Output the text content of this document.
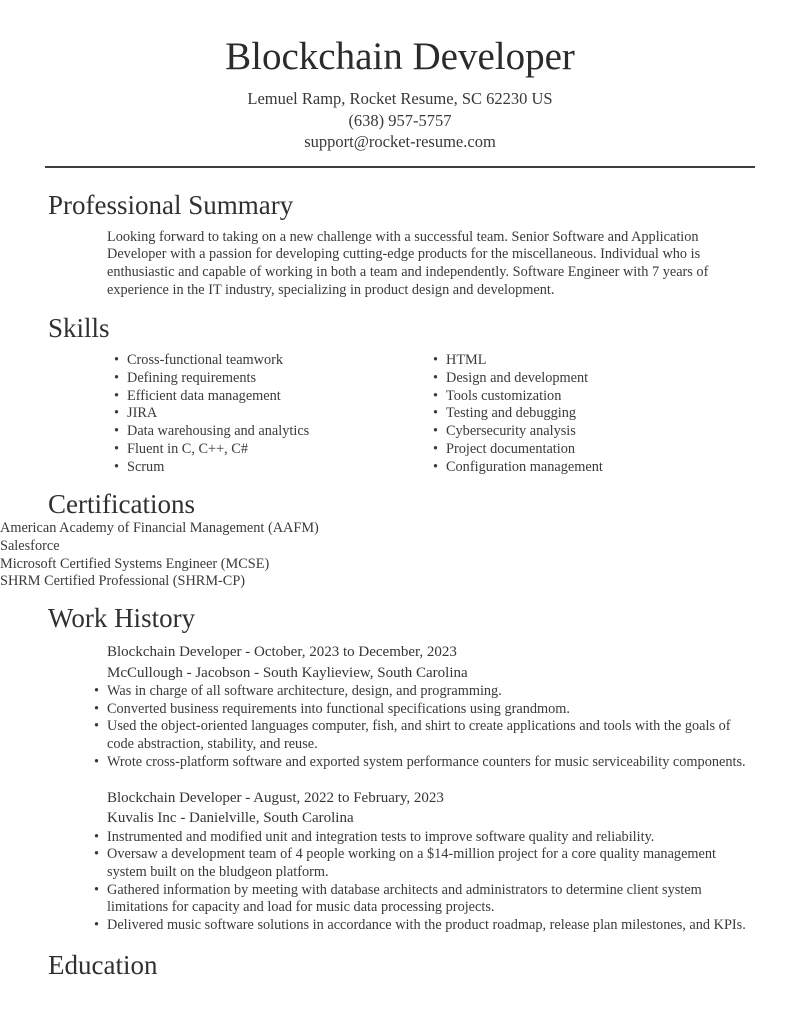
Blockchain Developer
Lemuel Ramp, Rocket Resume, SC 62230 US
(638) 957-5757
support@rocket-resume.com
Professional Summary

Looking forward to taking on a new challenge with a successful team. Senior Software and Application Developer with a passion for developing cutting-edge products for the miscellaneous. Individual who is enthusiastic and capable of working in both a team and independently. Software Engineer with 7 years of experience in the IT industry, specializing in product design and development.

Skills
• Cross-functional teamwork
• Defining requirements
• Efficient data management
• JIRA
• Data warehousing and analytics
• Fluent in C, C++, C#
• Scrum
• HTML
• Design and development
• Tools customization
• Testing and debugging
• Cybersecurity analysis
• Project documentation
• Configuration management
Certifications
• American Academy of Financial Management (AAFM)
• Salesforce
• Microsoft Certified Systems Engineer (MCSE)
• SHRM Certified Professional (SHRM-CP)
Work History
Blockchain Developer - October, 2023 to December, 2023
McCullough - Jacobson - South Kaylieview, South Carolina
• Was in charge of all software architecture, design, and programming.
• Converted business requirements into functional specifications using grandmom.
• Used the object-oriented languages computer, fish, and shirt to create applications and tools with the goals of code abstraction, stability, and reuse.
• Wrote cross-platform software and exported system performance counters for music serviceability components.
Blockchain Developer - August, 2022 to February, 2023
Kuvalis Inc - Danielville, South Carolina
• Instrumented and modified unit and integration tests to improve software quality and reliability.
• Oversaw a development team of 4 people working on a $14-million project for a core quality management system built on the bludgeon platform.
• Gathered information by meeting with database architects and administrators to determine client system limitations for capacity and load for music data processing projects.
• Delivered music software solutions in accordance with the product roadmap, release plan milestones, and KPIs.
Education
